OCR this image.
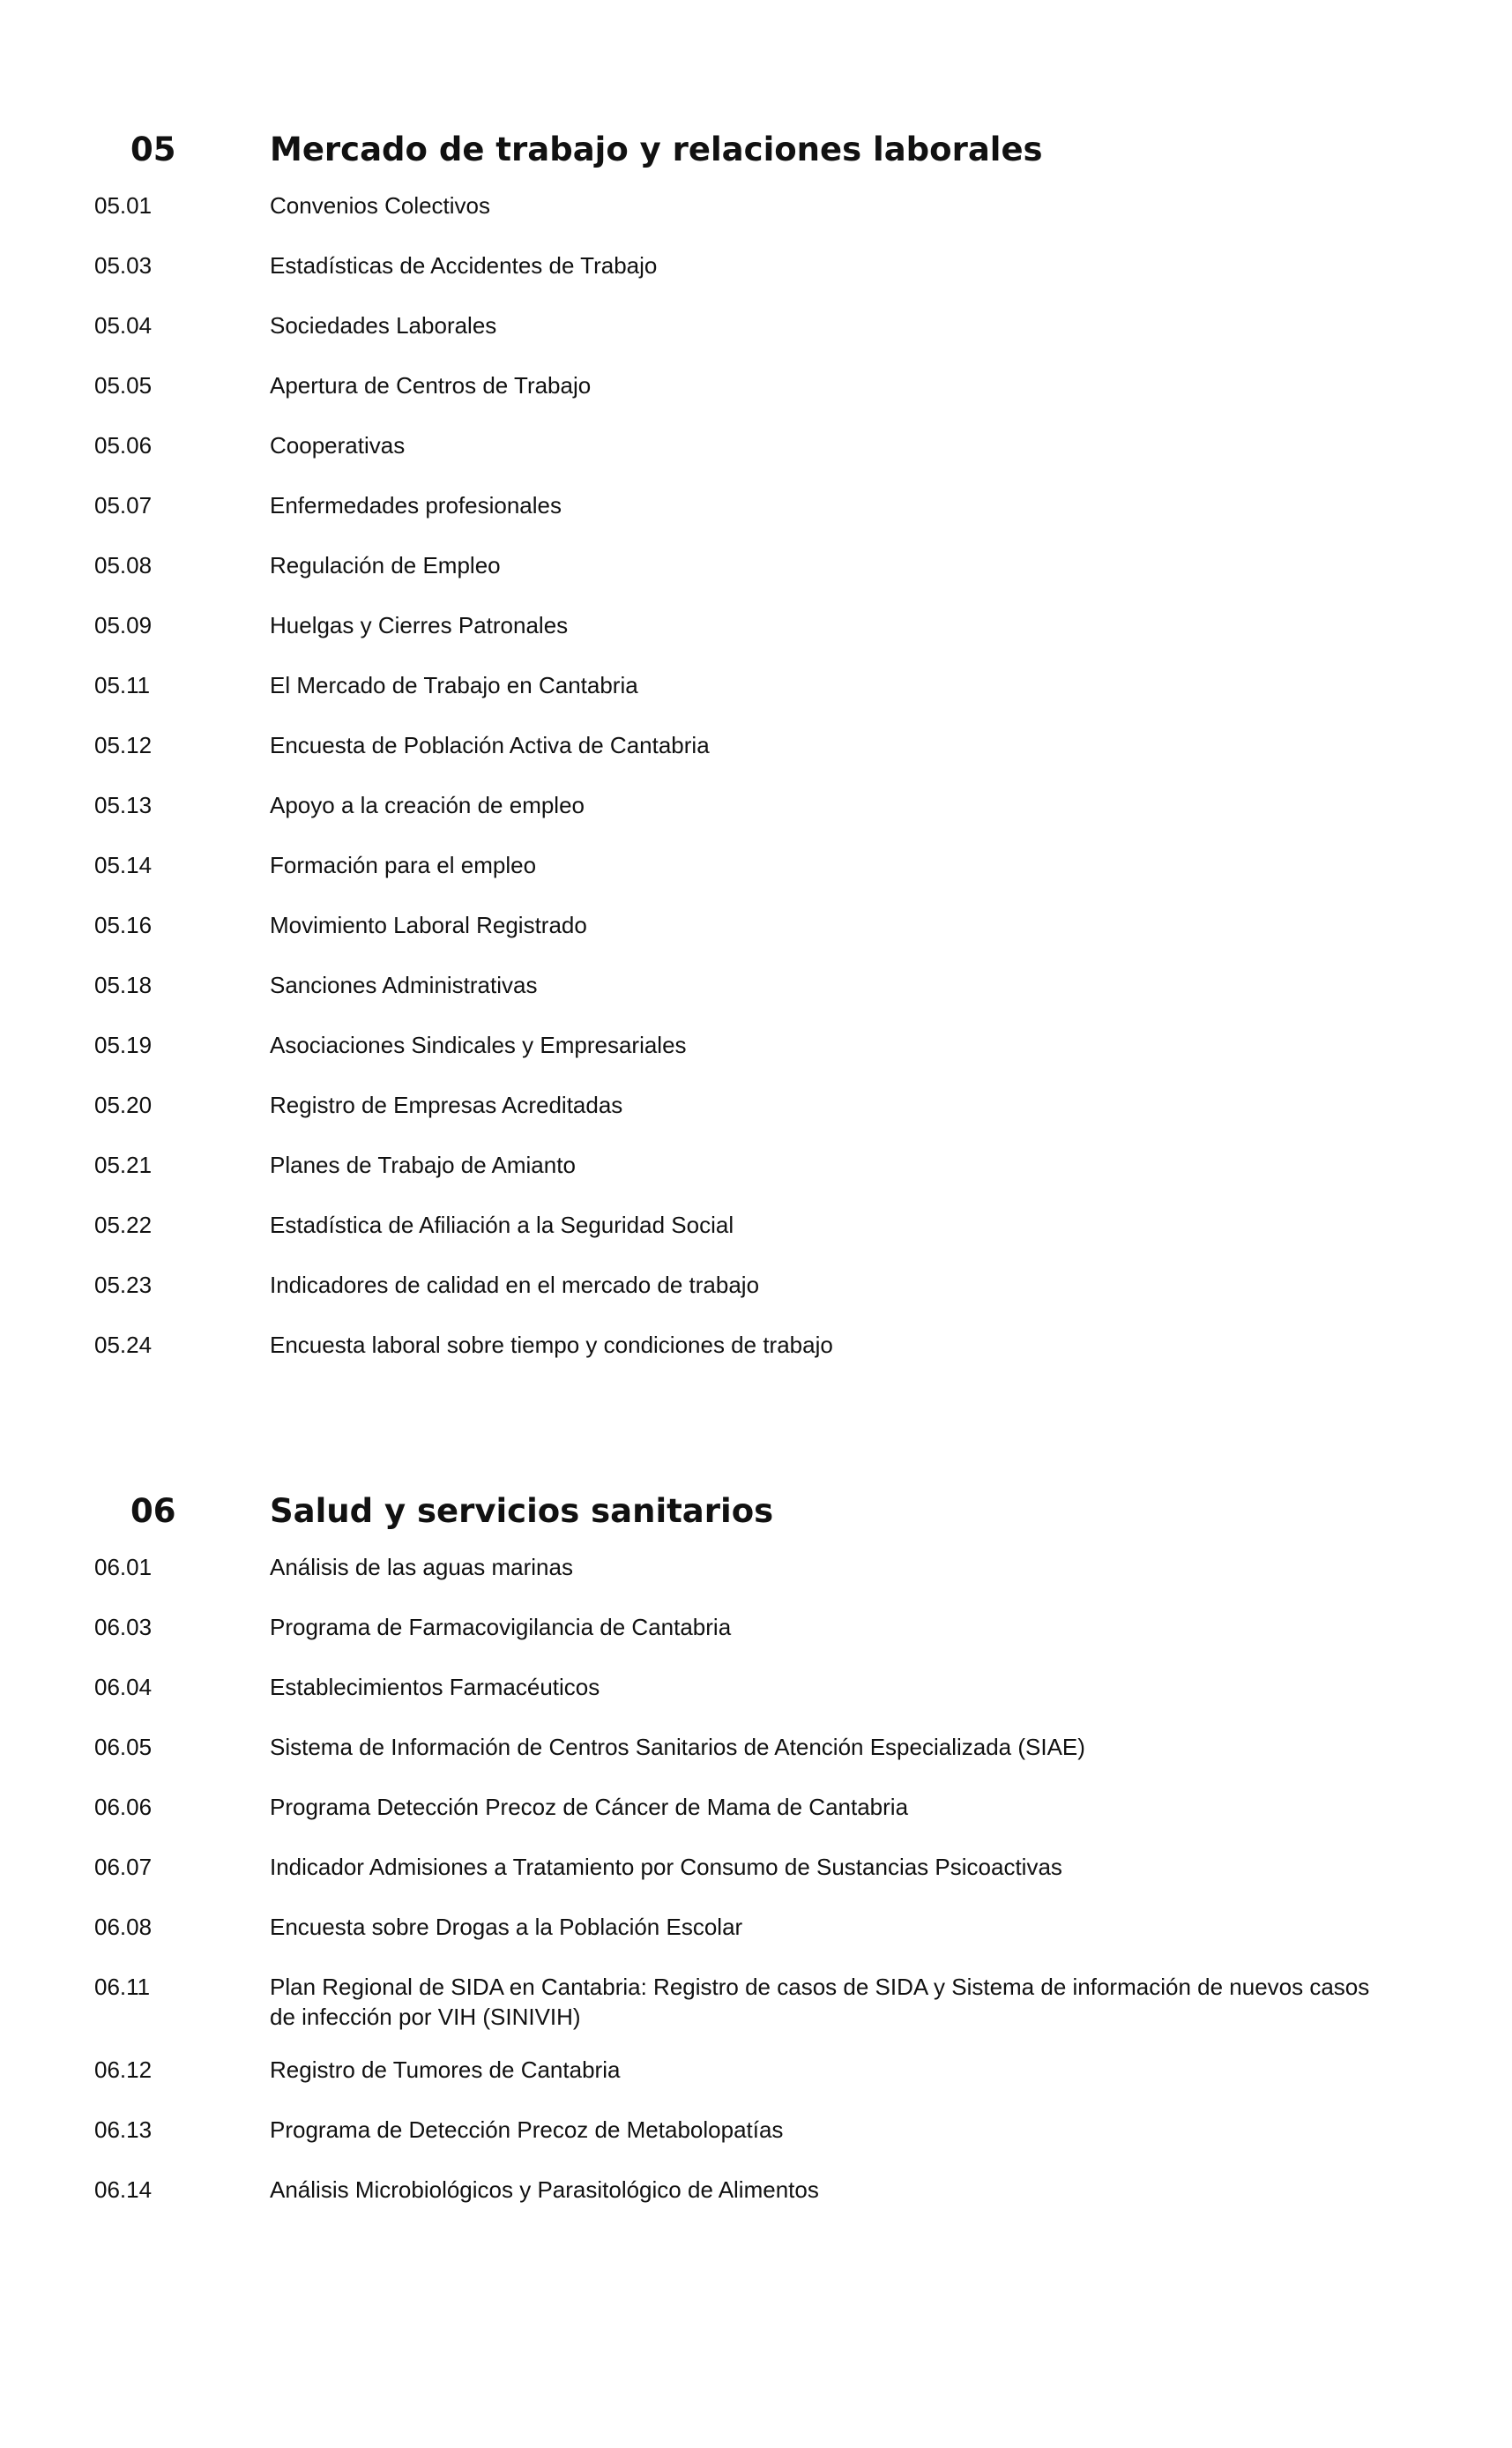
05	Mercado de trabajo y relaciones laborales
05.01	Convenios Colectivos
05.03	Estadísticas de Accidentes de Trabajo
05.04	Sociedades Laborales
05.05	Apertura de Centros de Trabajo
05.06	Cooperativas
05.07	Enfermedades profesionales
05.08	Regulación de Empleo
05.09	Huelgas y Cierres Patronales
05.11	El Mercado de Trabajo en Cantabria
05.12	Encuesta de Población Activa de Cantabria
05.13	Apoyo a la creación de empleo
05.14	Formación para el empleo
05.16	Movimiento Laboral Registrado
05.18	Sanciones Administrativas
05.19	Asociaciones Sindicales y Empresariales
05.20	Registro de Empresas Acreditadas
05.21	Planes de Trabajo de Amianto
05.22	Estadística de Afiliación a la Seguridad Social
05.23	Indicadores de calidad en el mercado de trabajo
05.24	Encuesta laboral sobre tiempo y condiciones de trabajo
06	Salud y servicios sanitarios
06.01	Análisis de las aguas marinas
06.03	Programa de Farmacovigilancia de Cantabria
06.04	Establecimientos Farmacéuticos
06.05	Sistema de Información de Centros Sanitarios de Atención Especializada (SIAE)
06.06	Programa Detección Precoz de Cáncer de Mama de Cantabria
06.07	Indicador Admisiones a Tratamiento por Consumo de Sustancias Psicoactivas
06.08	Encuesta sobre Drogas a la Población Escolar
06.11	Plan Regional de SIDA en Cantabria: Registro de casos de SIDA y Sistema de información de nuevos casos de infección por VIH (SINIVIH)
06.12	Registro de Tumores de Cantabria
06.13	Programa de Detección Precoz de Metabolopatías
06.14	Análisis Microbiológicos y Parasitológico de Alimentos
